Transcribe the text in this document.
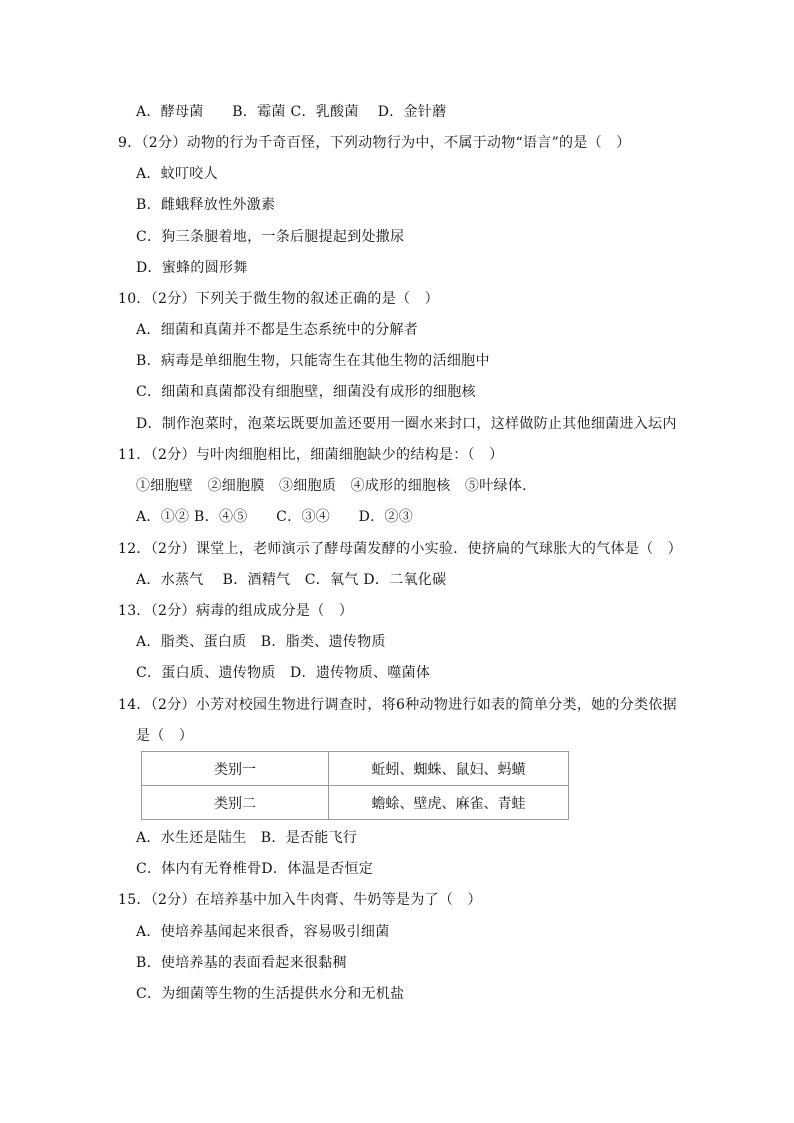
A．酵母菌　　B．霉菌 C．乳酸菌　 D．金针蘑
9．（2分）动物的行为千奇百怪，下列动物行为中，不属于动物“语言”的是（　）
A．蚊叮咬人
B．雌蛾释放性外激素
C．狗三条腿着地，一条后腿提起到处撒尿
D．蜜蜂的圆形舞
10．（2分）下列关于微生物的叙述正确的是（　）
A．细菌和真菌并不都是生态系统中的分解者
B．病毒是单细胞生物，只能寄生在其他生物的活细胞中
C．细菌和真菌都没有细胞壁，细菌没有成形的细胞核
D．制作泡菜时，泡菜坛既要加盖还要用一圈水来封口，这样做防止其他细菌进入坛内
11．（2分）与叶肉细胞相比，细菌细胞缺少的结构是：（　）
①细胞壁　②细胞膜　③细胞质　④成形的细胞核　⑤叶绿体．
A．①② B．④⑤　　C．③④　　D．②③
12．（2分）课堂上，老师演示了酵母菌发酵的小实验．使挤扁的气球胀大的气体是（　）
A．水蒸气　 B．酒精气　C．氧气 D．二氧化碳
13．（2分）病毒的组成成分是（　）
A．脂类、蛋白质　B．脂类、遗传物质
C．蛋白质、遗传物质　D．遗传物质、噬菌体
14．（2分）小芳对校园生物进行调查时，将6种动物进行如表的简单分类，她的分类依据
是（　）
类别一	蚯蚓、蜘蛛、鼠妇、蚂蟥
类别二	蟾蜍、壁虎、麻雀、青蛙
A．水生还是陆生　B．是否能飞行
C．体内有无脊椎骨D．体温是否恒定
15．（2分）在培养基中加入牛肉膏、牛奶等是为了（　）
A．使培养基闻起来很香，容易吸引细菌
B．使培养基的表面看起来很黏稠
C．为细菌等生物的生活提供水分和无机盐
